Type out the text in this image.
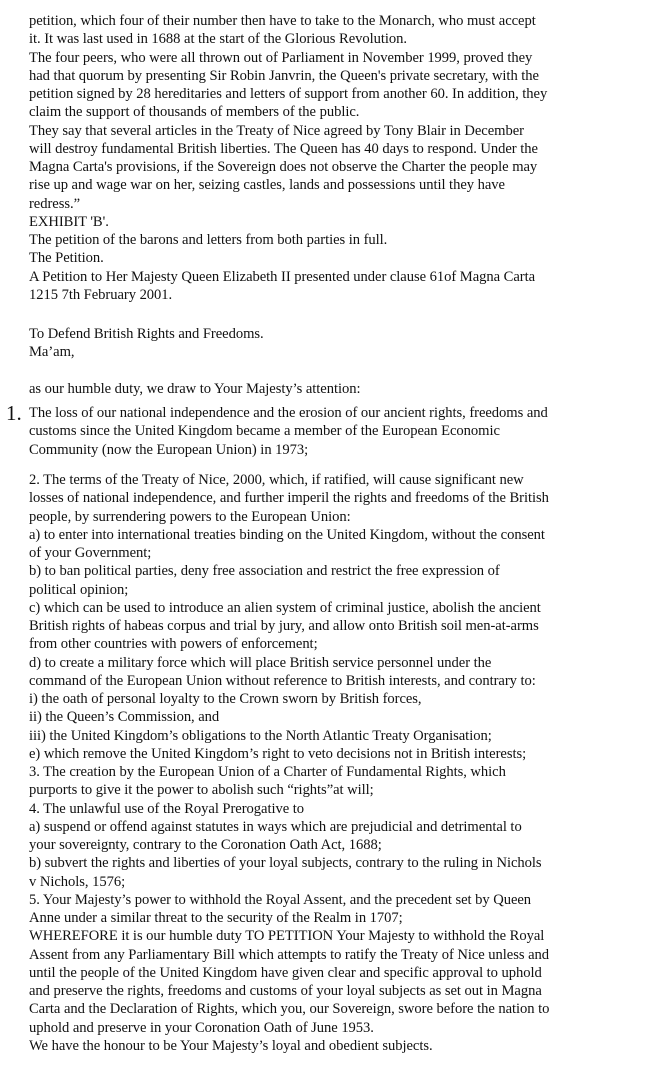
petition, which four of their number then have to take to the Monarch, who must accept
it. It was last used in 1688 at the start of the Glorious Revolution.
The four peers, who were all thrown out of Parliament in November 1999, proved they
had that quorum by presenting Sir Robin Janvrin, the Queen's private secretary, with the
petition signed by 28 hereditaries and letters of support from another 60. In addition, they
claim the support of thousands of members of the public.
They say that several articles in the Treaty of Nice agreed by Tony Blair in December
will destroy fundamental British liberties. The Queen has 40 days to respond. Under the
Magna Carta's provisions, if the Sovereign does not observe the Charter the people may
rise up and wage war on her, seizing castles, lands and possessions until they have
redress.”
EXHIBIT 'B'.
The petition of the barons and letters from both parties in full.
The Petition.
A Petition to Her Majesty Queen Elizabeth II presented under clause 61of Magna Carta
1215 7th February 2001.

To Defend British Rights and Freedoms.
Ma’am,

as our humble duty, we draw to Your Majesty’s attention:

1. The loss of our national independence and the erosion of our ancient rights, freedoms and
customs since the United Kingdom became a member of the European Economic
Community (now the European Union) in 1973;

2. The terms of the Treaty of Nice, 2000, which, if ratified, will cause significant new
losses of national independence, and further imperil the rights and freedoms of the British
people, by surrendering powers to the European Union:
a) to enter into international treaties binding on the United Kingdom, without the consent
of your Government;
b) to ban political parties, deny free association and restrict the free expression of
political opinion;
c) which can be used to introduce an alien system of criminal justice, abolish the ancient
British rights of habeas corpus and trial by jury, and allow onto British soil men-at-arms
from other countries with powers of enforcement;
d) to create a military force which will place British service personnel under the
command of the European Union without reference to British interests, and contrary to:
i) the oath of personal loyalty to the Crown sworn by British forces,
ii) the Queen’s Commission, and
iii) the United Kingdom’s obligations to the North Atlantic Treaty Organisation;
e) which remove the United Kingdom’s right to veto decisions not in British interests;
3. The creation by the European Union of a Charter of Fundamental Rights, which
purports to give it the power to abolish such “rights”at will;
4. The unlawful use of the Royal Prerogative to
a) suspend or offend against statutes in ways which are prejudicial and detrimental to
your sovereignty, contrary to the Coronation Oath Act, 1688;
b) subvert the rights and liberties of your loyal subjects, contrary to the ruling in Nichols
v Nichols, 1576;
5. Your Majesty’s power to withhold the Royal Assent, and the precedent set by Queen
Anne under a similar threat to the security of the Realm in 1707;
WHEREFORE it is our humble duty TO PETITION Your Majesty to withhold the Royal
Assent from any Parliamentary Bill which attempts to ratify the Treaty of Nice unless and
until the people of the United Kingdom have given clear and specific approval to uphold
and preserve the rights, freedoms and customs of your loyal subjects as set out in Magna
Carta and the Declaration of Rights, which you, our Sovereign, swore before the nation to
uphold and preserve in your Coronation Oath of June 1953.
We have the honour to be Your Majesty’s loyal and obedient subjects.
